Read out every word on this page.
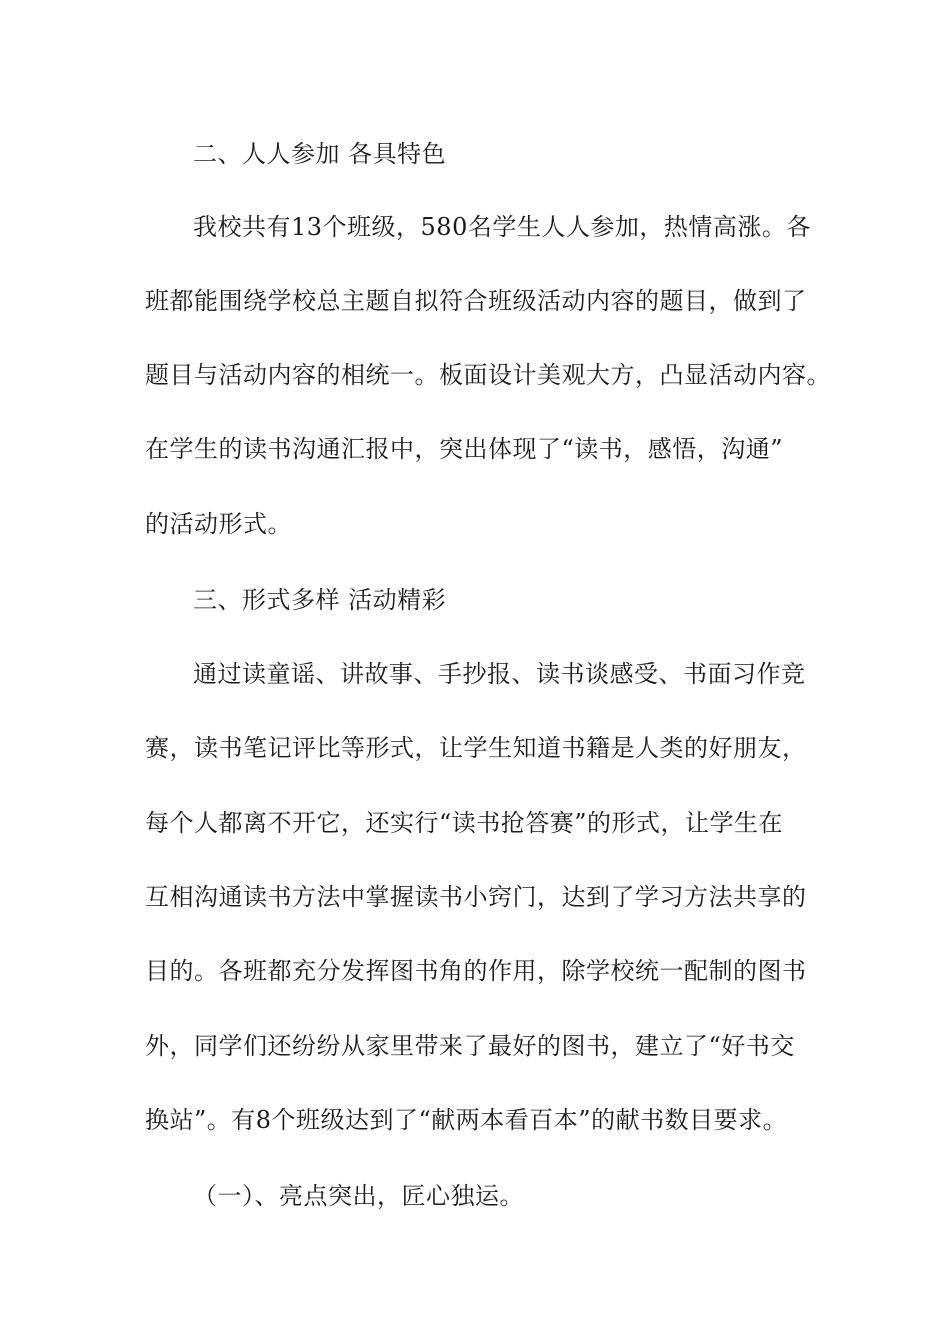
二、人人参加 各具特色

我校共有13个班级，580名学生人人参加，热情高涨。各

班都能围绕学校总主题自拟符合班级活动内容的题目，做到了

题目与活动内容的相统一。板面设计美观大方，凸显活动内容。

在学生的读书沟通汇报中，突出体现了“读书，感悟，沟通”

的活动形式。

三、形式多样 活动精彩

通过读童谣、讲故事、手抄报、读书谈感受、书面习作竞

赛，读书笔记评比等形式，让学生知道书籍是人类的好朋友，

每个人都离不开它，还实行“读书抢答赛”的形式，让学生在

互相沟通读书方法中掌握读书小窍门，达到了学习方法共享的

目的。各班都充分发挥图书角的作用，除学校统一配制的图书

外，同学们还纷纷从家里带来了最好的图书，建立了“好书交

换站”。有8个班级达到了“献两本看百本”的献书数目要求。

（一）、亮点突出，匠心独运。
